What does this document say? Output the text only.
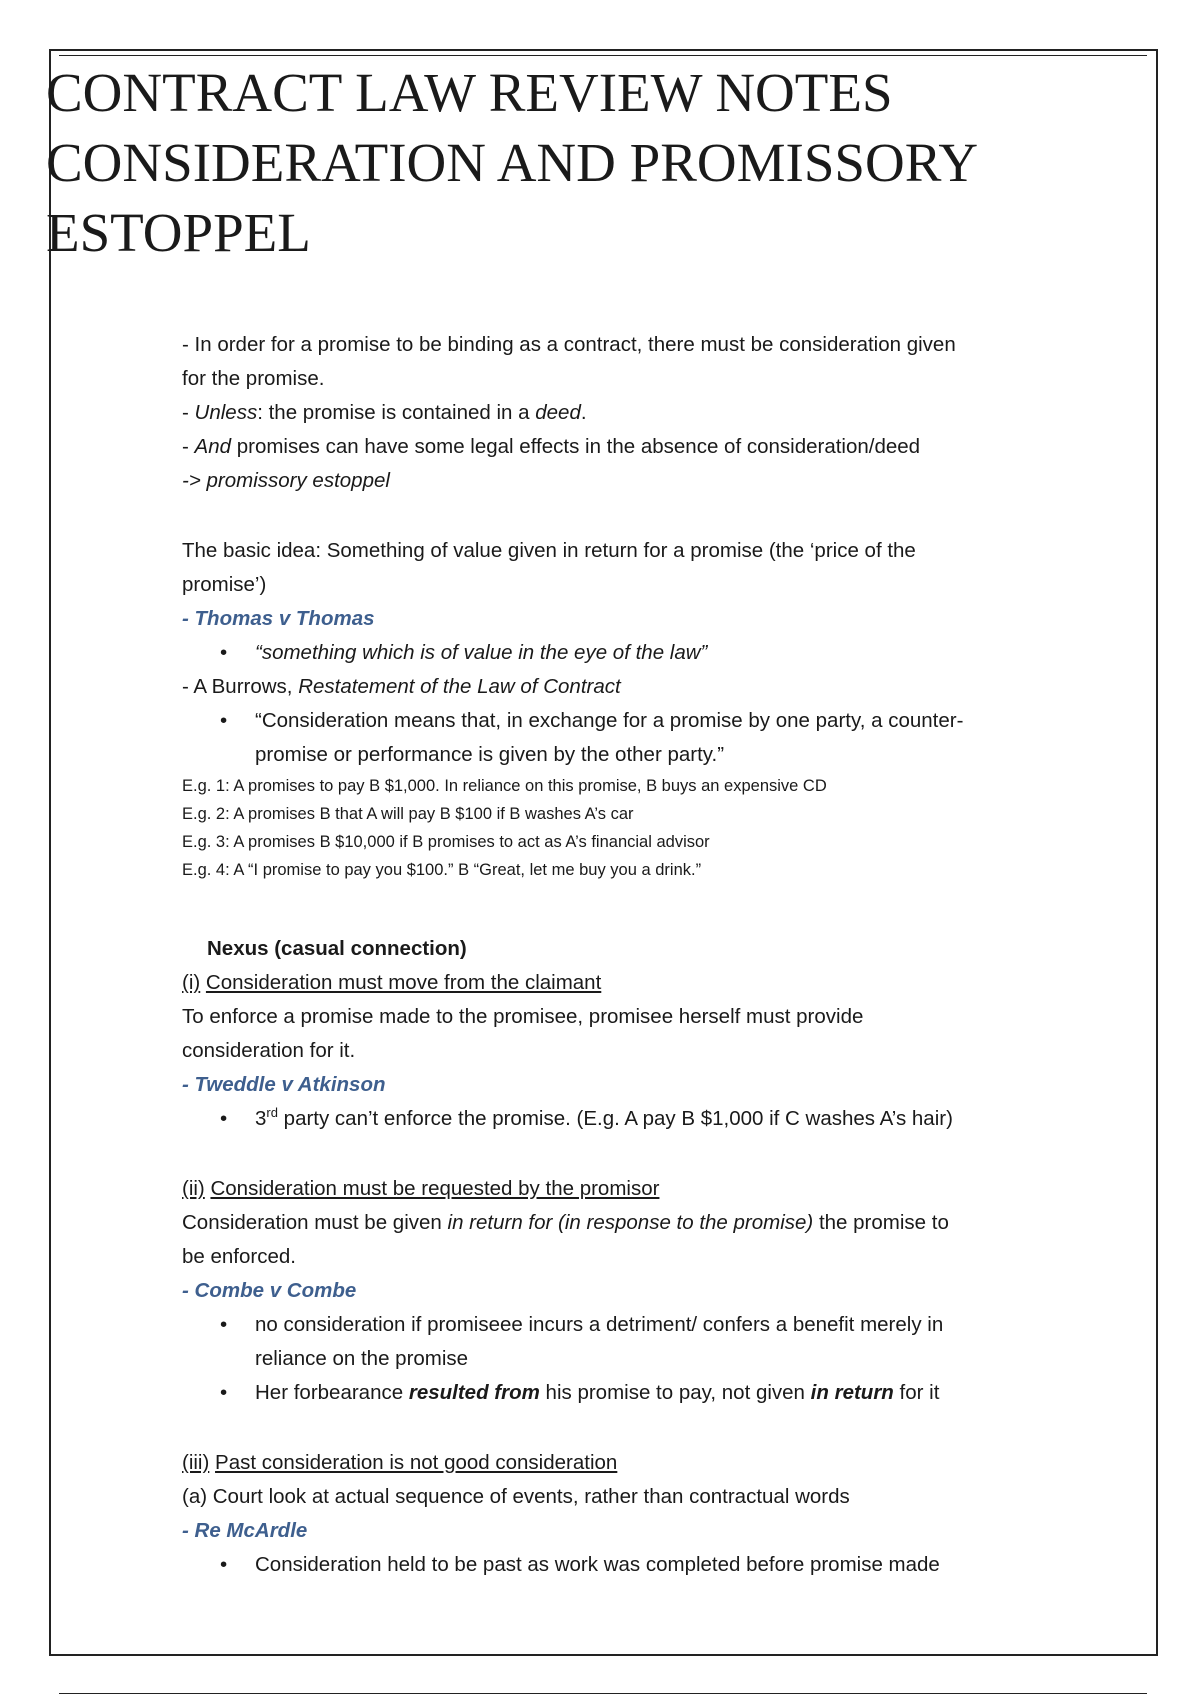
CONTRACT LAW REVIEW NOTES
CONSIDERATION AND PROMISSORY
ESTOPPEL
- In order for a promise to be binding as a contract, there must be consideration given
for the promise.
- Unless: the promise is contained in a deed.
- And promises can have some legal effects in the absence of consideration/deed
-> promissory estoppel
The basic idea: Something of value given in return for a promise (the ‘price of the
promise’)
- Thomas v Thomas
• “something which is of value in the eye of the law”
- A Burrows, Restatement of the Law of Contract
• “Consideration means that, in exchange for a promise by one party, a counter-
promise or performance is given by the other party.”
E.g. 1: A promises to pay B $1,000. In reliance on this promise, B buys an expensive CD
E.g. 2: A promises B that A will pay B $100 if B washes A’s car
E.g. 3: A promises B $10,000 if B promises to act as A’s financial advisor
E.g. 4: A “I promise to pay you $100.” B “Great, let me buy you a drink.”
Nexus (casual connection)
(i) Consideration must move from the claimant
To enforce a promise made to the promisee, promisee herself must provide
consideration for it.
- Tweddle v Atkinson
• 3rd party can’t enforce the promise. (E.g. A pay B $1,000 if C washes A’s hair)
(ii) Consideration must be requested by the promisor
Consideration must be given in return for (in response to the promise) the promise to
be enforced.
- Combe v Combe
• no consideration if promiseee incurs a detriment/ confers a benefit merely in
reliance on the promise
• Her forbearance resulted from his promise to pay, not given in return for it
(iii) Past consideration is not good consideration
(a) Court look at actual sequence of events, rather than contractual words
- Re McArdle
• Consideration held to be past as work was completed before promise made
